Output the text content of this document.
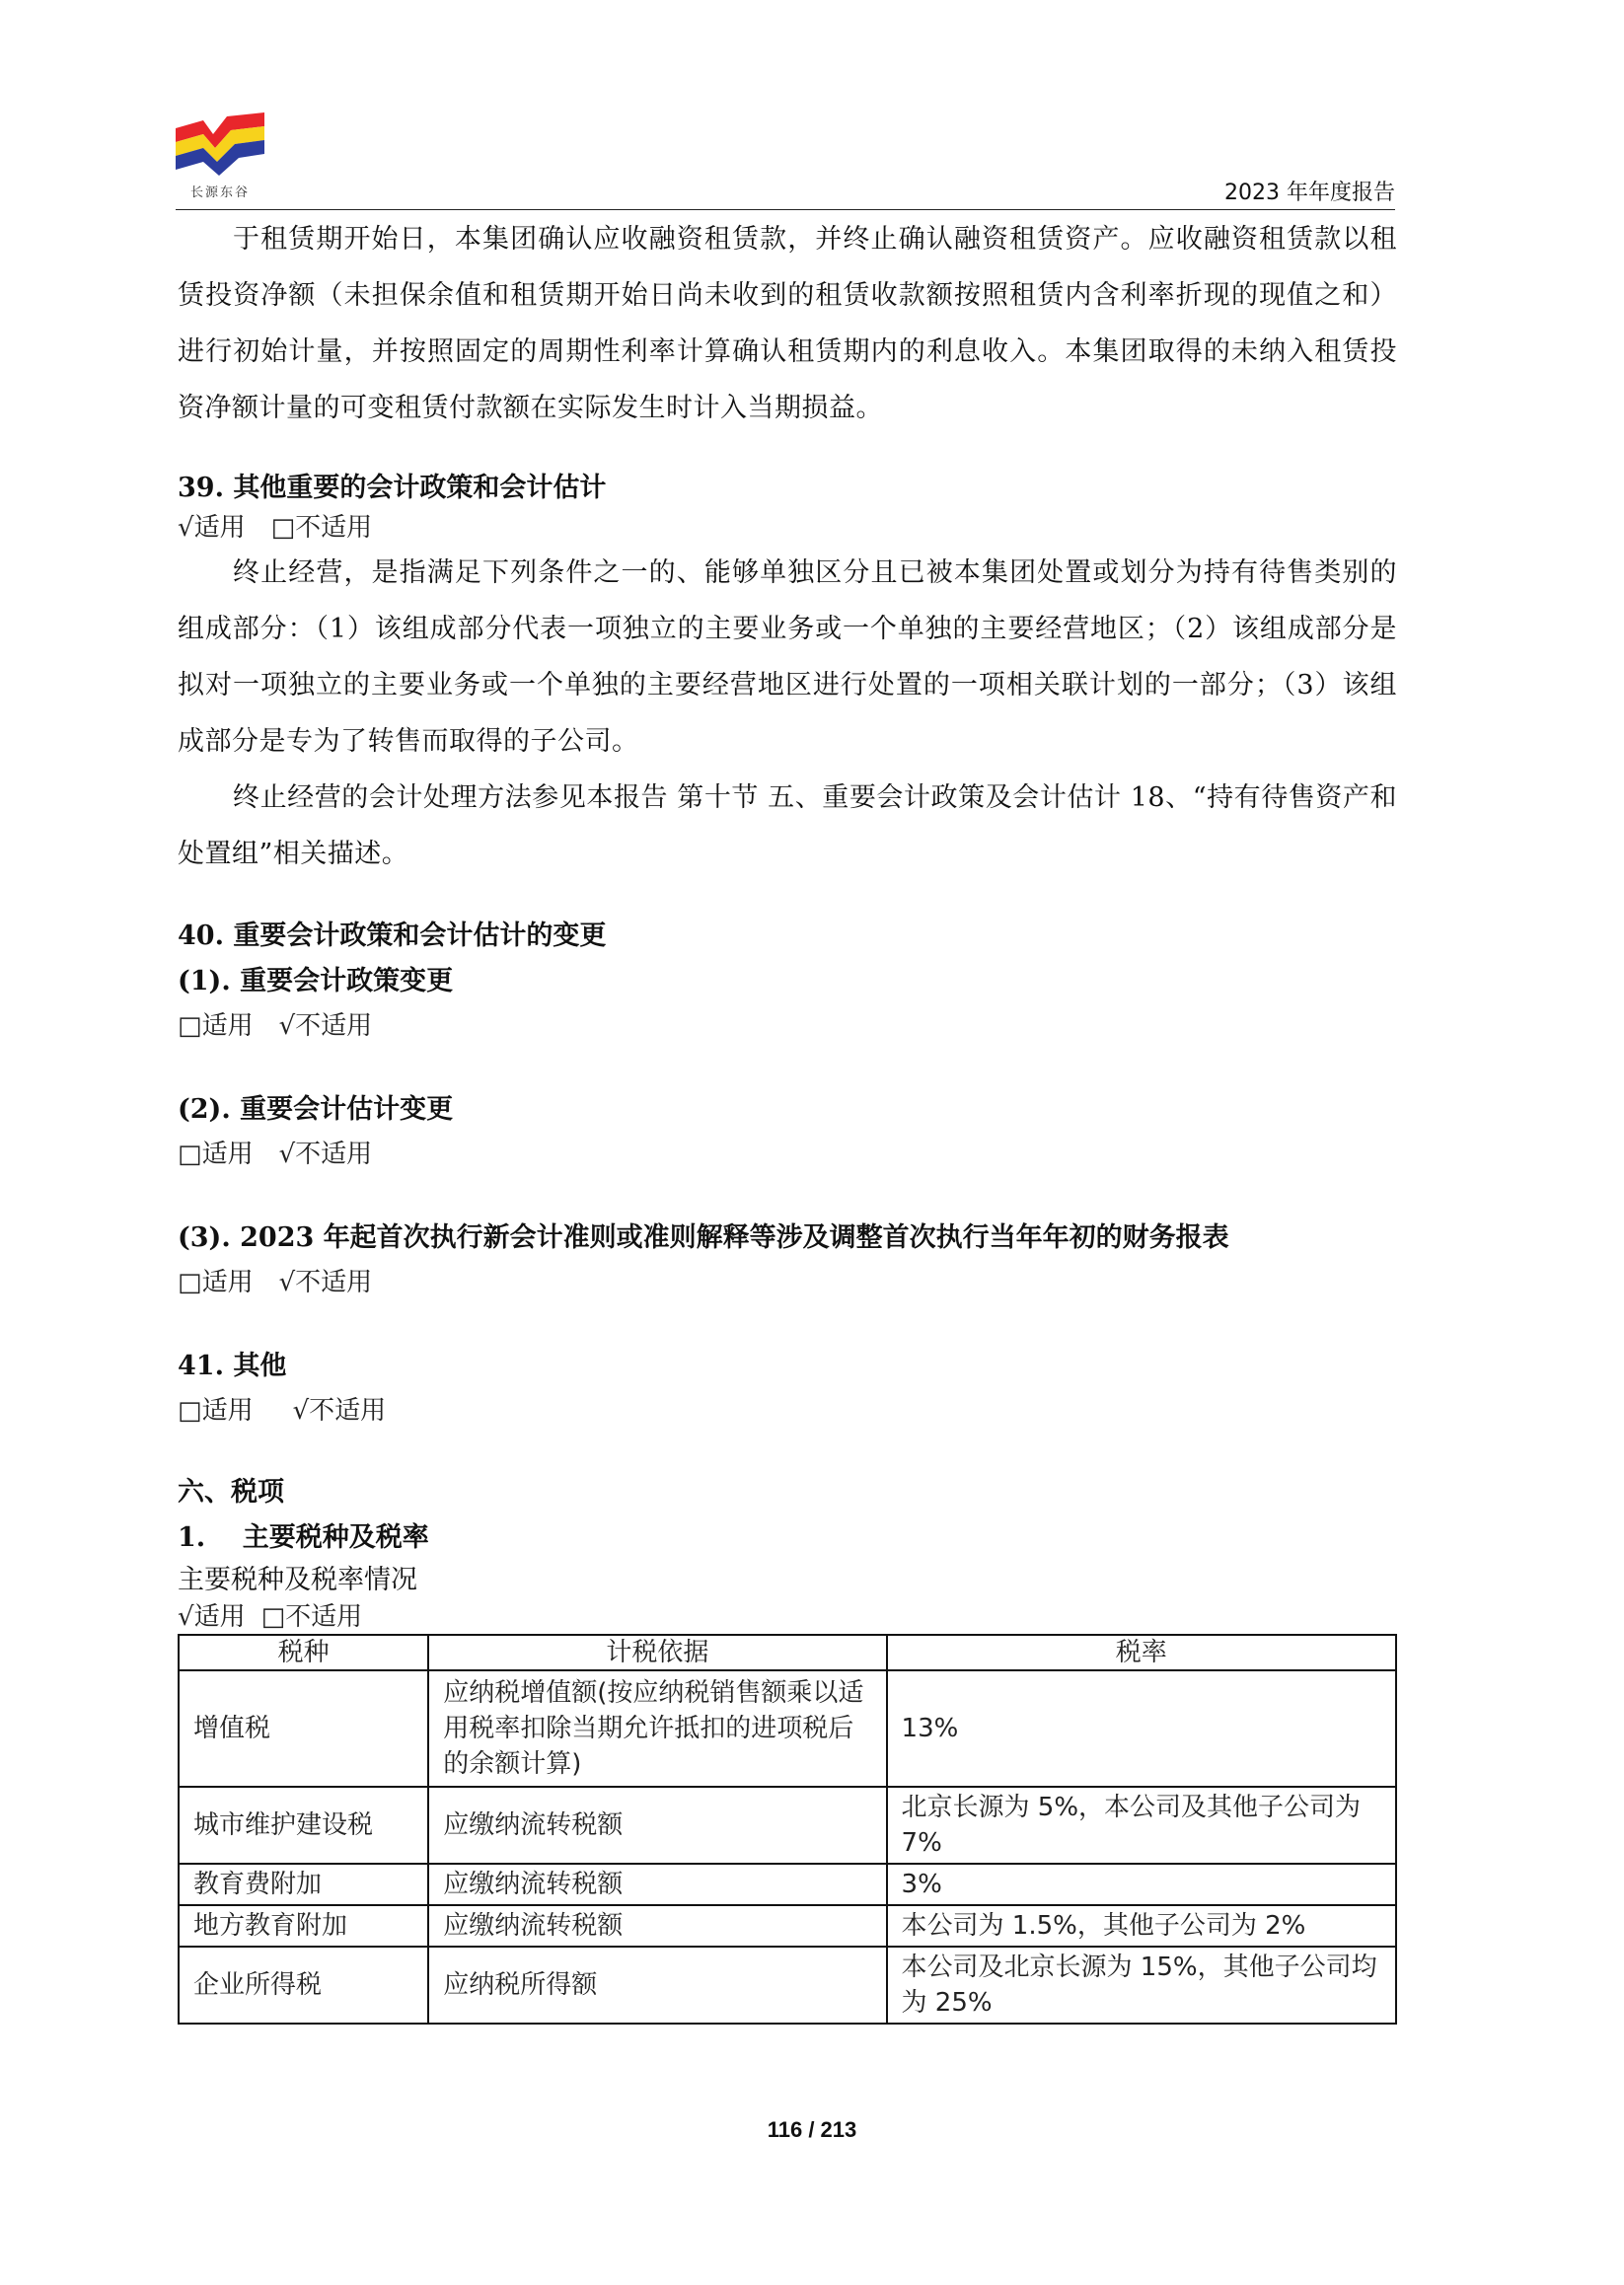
长源东谷	2023 年年度报告

于租赁期开始日，本集团确认应收融资租赁款，并终止确认融资租赁资产。应收融资租赁款以租赁投资净额（未担保余值和租赁期开始日尚未收到的租赁收款额按照租赁内含利率折现的现值之和）进行初始计量，并按照固定的周期性利率计算确认租赁期内的利息收入。本集团取得的未纳入租赁投资净额计量的可变租赁付款额在实际发生时计入当期损益。

39. 其他重要的会计政策和会计估计

√适用 □不适用

终止经营，是指满足下列条件之一的、能够单独区分且已被本集团处置或划分为持有待售类别的组成部分：（1）该组成部分代表一项独立的主要业务或一个单独的主要经营地区；（2）该组成部分是拟对一项独立的主要业务或一个单独的主要经营地区进行处置的一项相关联计划的一部分；（3）该组成部分是专为了转售而取得的子公司。

终止经营的会计处理方法参见本报告 第十节 五、重要会计政策及会计估计 18、“持有待售资产和处置组”相关描述。

40. 重要会计政策和会计估计的变更

(1). 重要会计政策变更

□适用 √不适用

(2). 重要会计估计变更

□适用 √不适用

(3). 2023 年起首次执行新会计准则或准则解释等涉及调整首次执行当年年初的财务报表

□适用 √不适用

41. 其他

□适用 √不适用

六、税项

1.    主要税种及税率

主要税种及税率情况

√适用 □不适用

税种	计税依据	税率
增值税	应纳税增值额(按应纳税销售额乘以适用税率扣除当期允许抵扣的进项税后的余额计算)	13%
城市维护建设税	应缴纳流转税额	北京长源为 5%，本公司及其他子公司为 7%
教育费附加	应缴纳流转税额	3%
地方教育附加	应缴纳流转税额	本公司为 1.5%，其他子公司为 2%
企业所得税	应纳税所得额	本公司及北京长源为 15%，其他子公司均为 25%
116 / 213
